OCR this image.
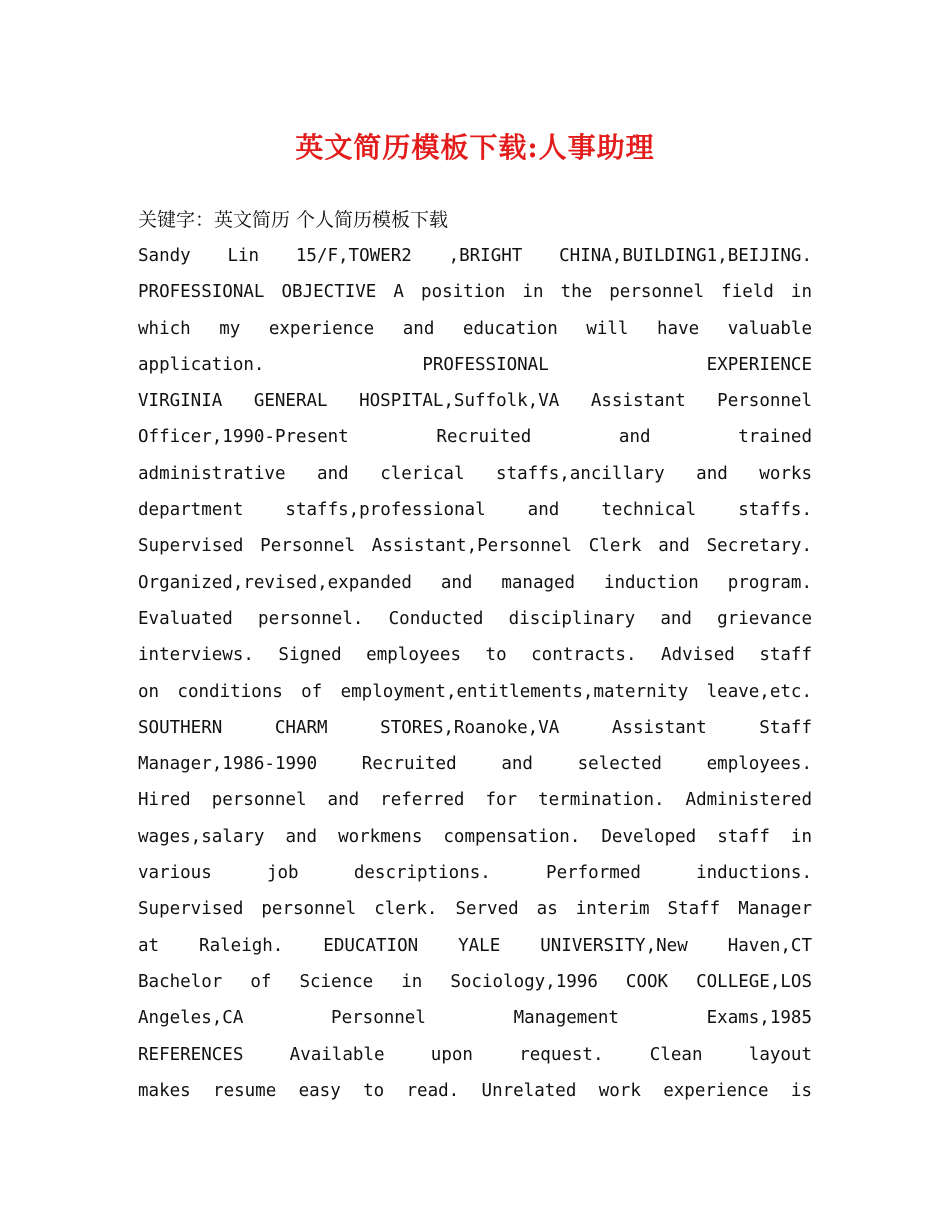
英文简历模板下载:人事助理
关键字：英文简历 个人简历模板下载
Sandy Lin 15/F,TOWER2 ,BRIGHT CHINA,BUILDING1,BEIJING.
PROFESSIONAL OBJECTIVE A position in the personnel field in
which my experience and education will have valuable
application. PROFESSIONAL EXPERIENCE
VIRGINIA GENERAL HOSPITAL,Suffolk,VA Assistant Personnel
Officer,1990-Present Recruited and trained
administrative and clerical staffs,ancillary and works
department staffs,professional and technical staffs.
Supervised Personnel Assistant,Personnel Clerk and Secretary.
Organized,revised,expanded and managed induction program.
Evaluated personnel. Conducted disciplinary and grievance
interviews. Signed employees to contracts. Advised staff
on conditions of employment,entitlements,maternity leave,etc.
SOUTHERN CHARM STORES,Roanoke,VA Assistant Staff
Manager,1986-1990 Recruited and selected employees.
Hired personnel and referred for termination. Administered
wages,salary and workmens compensation. Developed staff in
various job descriptions. Performed inductions.
Supervised personnel clerk. Served as interim Staff Manager
at Raleigh. EDUCATION YALE UNIVERSITY,New Haven,CT
Bachelor of Science in Sociology,1996 COOK COLLEGE,LOS
Angeles,CA Personnel Management Exams,1985
REFERENCES Available upon request. Clean layout
makes resume easy to read. Unrelated work experience is
